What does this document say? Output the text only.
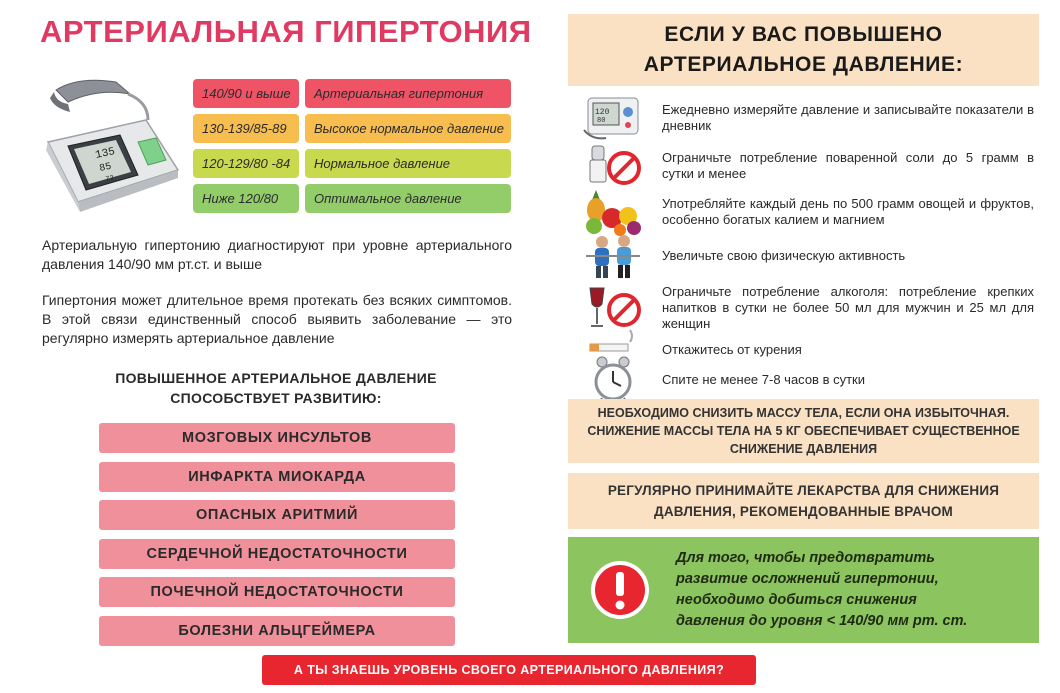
АРТЕРИАЛЬНАЯ ГИПЕРТОНИЯ
135
85
72
140/90 и выше	Артериальная гипертония
130-139/85-89	Высокое нормальное давление
120-129/80 -84	Нормальное давление
Ниже 120/80	Оптимальное давление

Артериальную гипертонию диагностируют при уровне артериального давления 140/90 мм рт.ст. и выше

Гипертония может длительное время протекать без всяких симптомов. В этой связи единственный способ выявить заболевание — это регулярно измерять артериальное давление

ПОВЫШЕННОЕ АРТЕРИАЛЬНОЕ ДАВЛЕНИЕ
СПОСОБСТВУЕТ РАЗВИТИЮ:
МОЗГОВЫХ ИНСУЛЬТОВ
ИНФАРКТА МИОКАРДА
ОПАСНЫХ АРИТМИЙ
СЕРДЕЧНОЙ НЕДОСТАТОЧНОСТИ
ПОЧЕЧНОЙ НЕДОСТАТОЧНОСТИ
БОЛЕЗНИ АЛЬЦГЕЙМЕРА
А ТЫ ЗНАЕШЬ УРОВЕНЬ СВОЕГО АРТЕРИАЛЬНОГО ДАВЛЕНИЯ?
ЕСЛИ У ВАС ПОВЫШЕНО
АРТЕРИАЛЬНОЕ ДАВЛЕНИЕ:
120
80
Ежедневно измеряйте давление и записывайте показатели в дневник
Ограничьте потребление поваренной соли до 5 грамм в сутки и менее
Употребляйте каждый день по 500 грамм овощей и фруктов, особенно богатых калием и магнием
Увеличьте свою физическую активность
Ограничьте потребление алкоголя: потребление крепких напитков в сутки не более 50 мл для мужчин и 25 мл для женщин
Откажитесь от курения
Спите не менее 7-8 часов в сутки
НЕОБХОДИМО СНИЗИТЬ МАССУ ТЕЛА, ЕСЛИ ОНА ИЗБЫТОЧНАЯ.
СНИЖЕНИЕ МАССЫ ТЕЛА НА 5 КГ ОБЕСПЕЧИВАЕТ СУЩЕСТВЕННОЕ
СНИЖЕНИЕ ДАВЛЕНИЯ
РЕГУЛЯРНО ПРИНИМАЙТЕ ЛЕКАРСТВА ДЛЯ СНИЖЕНИЯ
ДАВЛЕНИЯ, РЕКОМЕНДОВАННЫЕ ВРАЧОМ
Для того, чтобы предотвратить
развитие осложнений гипертонии,
необходимо добиться снижения
давления до уровня < 140/90 мм рт. ст.
